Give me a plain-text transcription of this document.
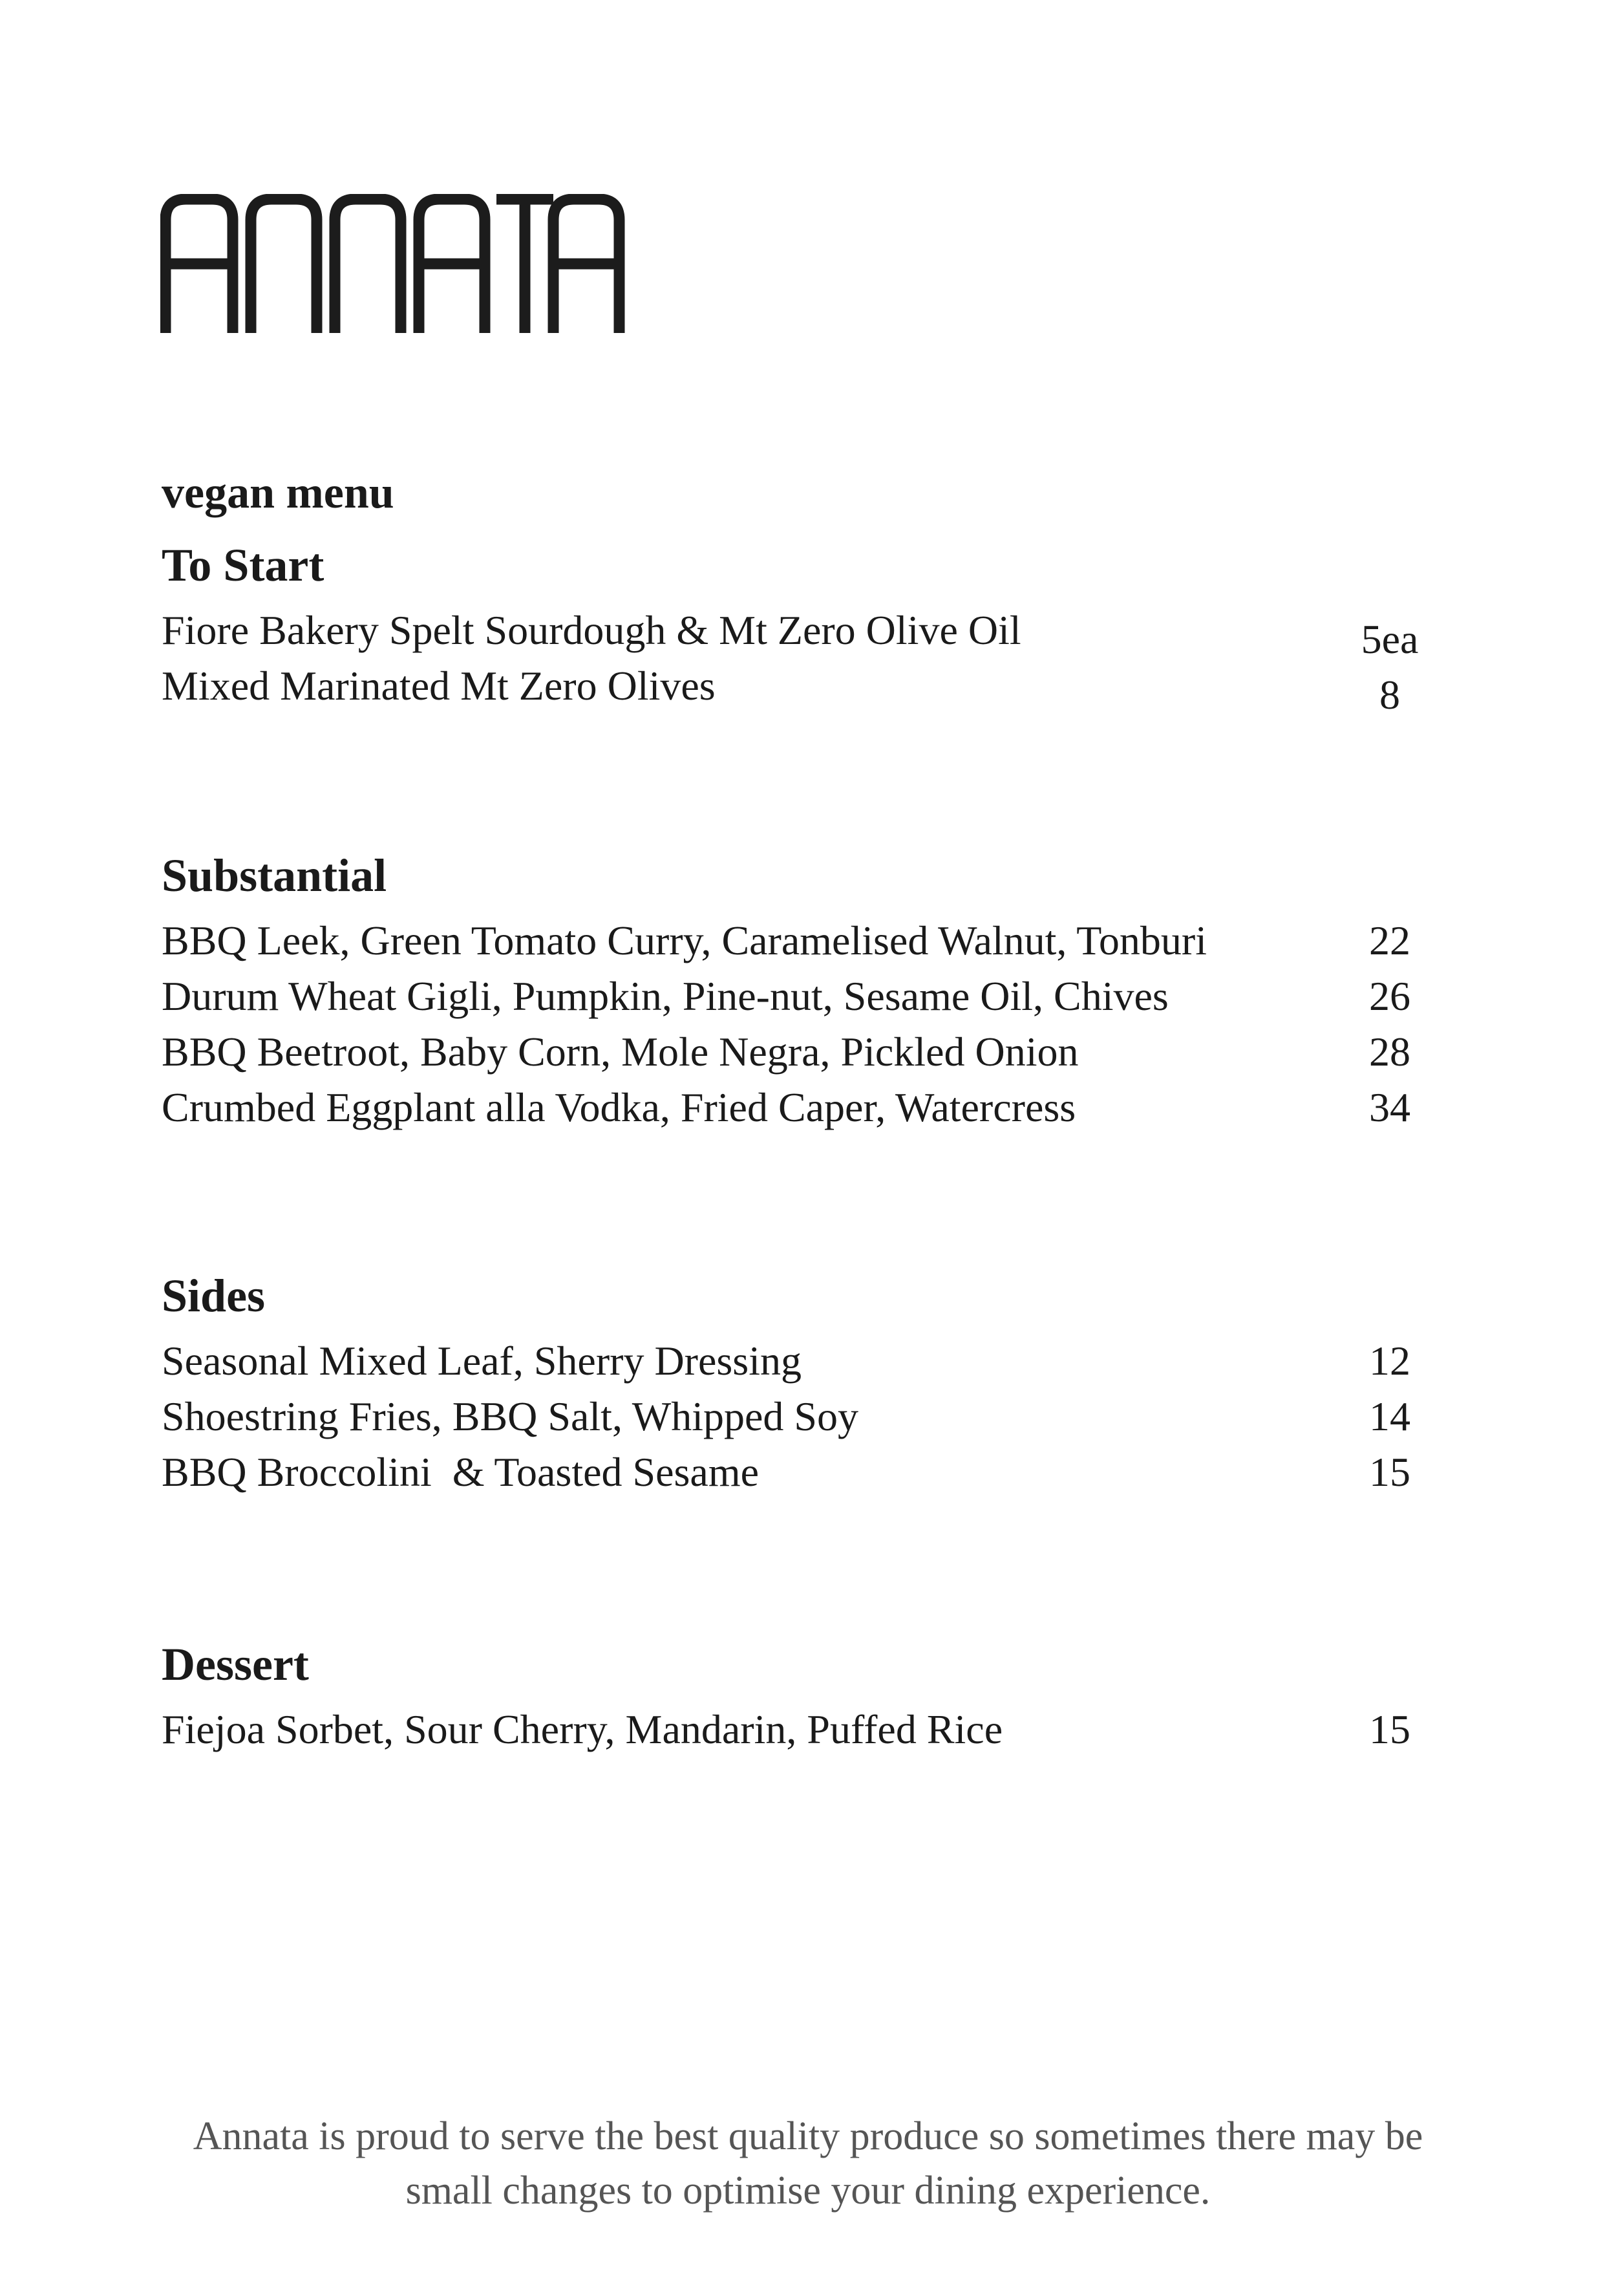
vegan menu
To Start
Fiore Bakery Spelt Sourdough & Mt Zero Olive Oil	5ea
Mixed Marinated Mt Zero Olives	8
Substantial
BBQ Leek, Green Tomato Curry, Caramelised Walnut, Tonburi	22
Durum Wheat Gigli, Pumpkin, Pine-nut, Sesame Oil, Chives	26
BBQ Beetroot, Baby Corn, Mole Negra, Pickled Onion	28
Crumbed Eggplant alla Vodka, Fried Caper, Watercress	34
Sides
Seasonal Mixed Leaf, Sherry Dressing	12
Shoestring Fries, BBQ Salt, Whipped Soy	14
BBQ Broccolini  & Toasted Sesame	15
Dessert
Fiejoa Sorbet, Sour Cherry, Mandarin, Puffed Rice	15

Annata is proud to serve the best quality produce so sometimes there may be

small changes to optimise your dining experience.
